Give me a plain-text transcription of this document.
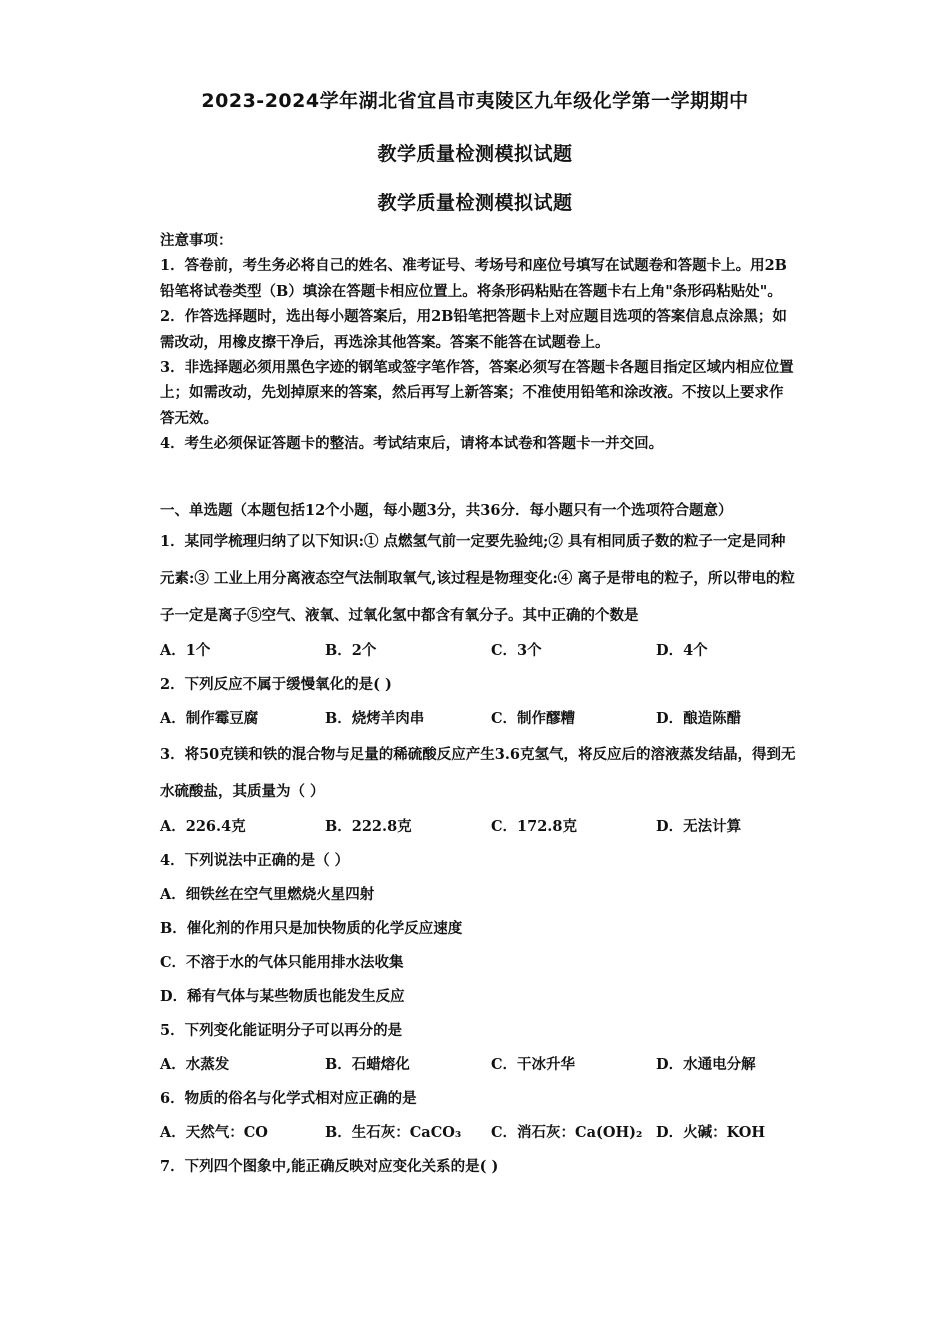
2023-2024学年湖北省宜昌市夷陵区九年级化学第一学期期中
教学质量检测模拟试题
教学质量检测模拟试题

注意事项：

1．答卷前，考生务必将自己的姓名、准考证号、考场号和座位号填写在试题卷和答题卡上。用2B铅笔将试卷类型（B）填涂在答题卡相应位置上。将条形码粘贴在答题卡右上角"条形码粘贴处"。

2．作答选择题时，选出每小题答案后，用2B铅笔把答题卡上对应题目选项的答案信息点涂黑；如需改动，用橡皮擦干净后，再选涂其他答案。答案不能答在试题卷上。

3．非选择题必须用黑色字迹的钢笔或签字笔作答，答案必须写在答题卡各题目指定区域内相应位置上；如需改动，先划掉原来的答案，然后再写上新答案；不准使用铅笔和涂改液。不按以上要求作答无效。

4．考生必须保证答题卡的整洁。考试结束后，请将本试卷和答题卡一并交回。

一、单选题（本题包括12个小题，每小题3分，共36分．每小题只有一个选项符合题意）

1．某同学梳理归纳了以下知识:① 点燃氢气前一定要先验纯;② 具有相同质子数的粒子一定是同种元素:③ 工业上用分离液态空气法制取氧气,该过程是物理变化:④ 离子是带电的粒子，所以带电的粒子一定是离子⑤空气、液氧、过氧化氢中都含有氧分子。其中正确的个数是

A．1个	B．2个	C．3个	D．4个

2．下列反应不属于缓慢氧化的是( )

A．制作霉豆腐	B．烧烤羊肉串	C．制作醪糟	D．酿造陈醋

3．将50克镁和铁的混合物与足量的稀硫酸反应产生3.6克氢气，将反应后的溶液蒸发结晶，得到无水硫酸盐，其质量为（ ）

A．226.4克	B．222.8克	C．172.8克	D．无法计算

4．下列说法中正确的是（ ）

A．细铁丝在空气里燃烧火星四射

B．催化剂的作用只是加快物质的化学反应速度

C．不溶于水的气体只能用排水法收集

D．稀有气体与某些物质也能发生反应

5．下列变化能证明分子可以再分的是

A．水蒸发	B．石蜡熔化	C．干冰升华	D．水通电分解

6．物质的俗名与化学式相对应正确的是

A．天然气：CO	B．生石灰：CaCO₃ C．消石灰：Ca(OH)₂ D．火碱：KOH

7．下列四个图象中,能正确反映对应变化关系的是( )
